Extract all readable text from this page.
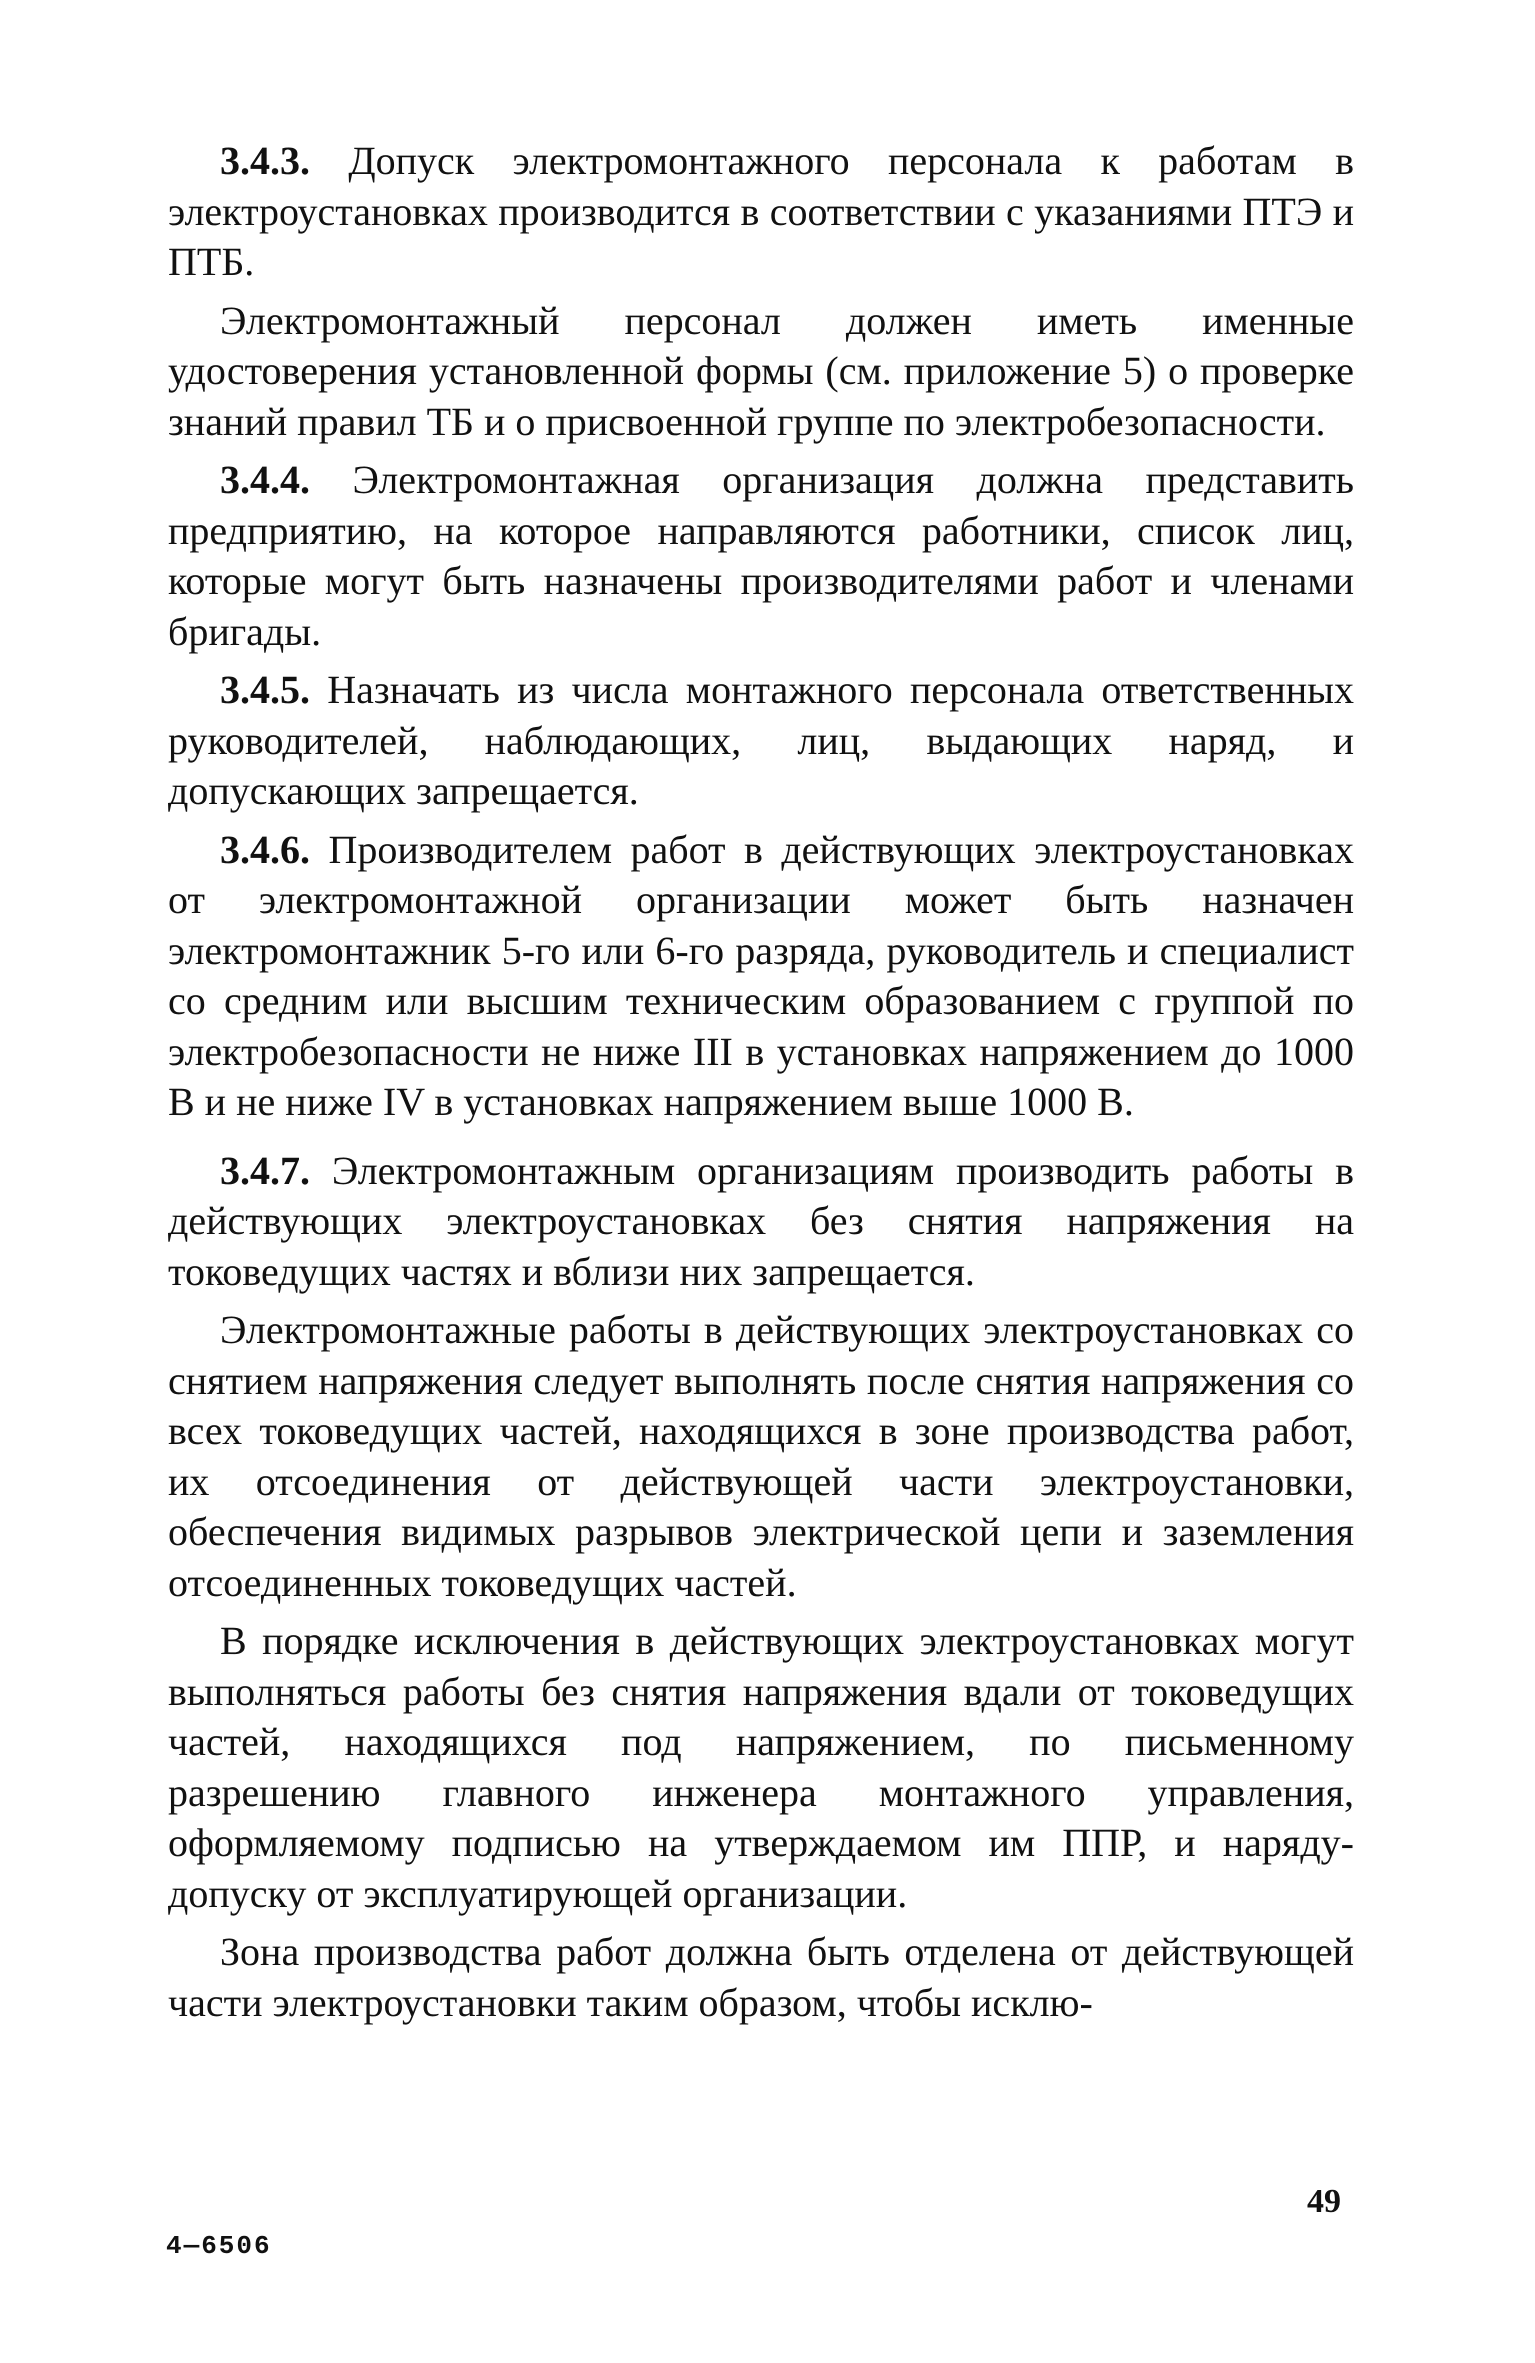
3.4.3. Допуск электромонтажного персонала к работам в электроустановках производится в соответствии с указаниями ПТЭ и ПТБ.

Электромонтажный персонал должен иметь именные удостоверения установленной формы (см. приложение 5) о проверке знаний правил ТБ и о присвоенной группе по электробезопасности.

3.4.4. Электромонтажная организация должна представить предприятию, на которое направляются работники, список лиц, которые могут быть назначены производителями работ и членами бригады.

3.4.5. Назначать из числа монтажного персонала ответственных руководителей, наблюдающих, лиц, выдающих наряд, и допускающих запрещается.

3.4.6. Производителем работ в действующих электроустановках от электромонтажной организации может быть назначен электромонтажник 5-го или 6-го разряда, руководитель и специалист со средним или высшим техническим образованием с группой по электробезопасности не ниже III в установках напряжением до 1000 В и не ниже IV в установках напряжением выше 1000 В.

3.4.7. Электромонтажным организациям производить работы в действующих электроустановках без снятия напряжения на токоведущих частях и вблизи них запрещается.

Электромонтажные работы в действующих электроустановках со снятием напряжения следует выполнять после снятия напряжения со всех токоведущих частей, находящихся в зоне производства работ, их отсоединения от действующей части электроустановки, обеспечения видимых разрывов электрической цепи и заземления отсоединенных токоведущих частей.

В порядке исключения в действующих электроустановках могут выполняться работы без снятия напряжения вдали от токоведущих частей, находящихся под напряжением, по письменному разрешению главного инженера монтажного управления, оформляемому подписью на утверждаемом им ППР, и наряду-допуску от эксплуатирующей организации.

Зона производства работ должна быть отделена от действующей части электроустановки таким образом, чтобы исклю-

49
4—6506
